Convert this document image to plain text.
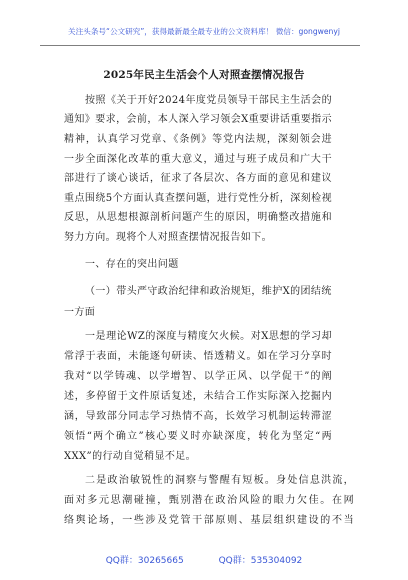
关注头条号“公文研究”，获得最新最全最专业的公文资料库！ 微信：gongwenyj
2025年民主生活会个人对照查摆情况报告
按照《关于开好2024年度党员领导干部民主生活会的
通知》要求，会前，本人深入学习领会X重要讲话重要指示
精神，认真学习党章、《条例》等党内法规，深刻领会进
一步全面深化改革的重大意义，通过与班子成员和广大干
部进行了谈心谈话，征求了各层次、各方面的意见和建议
重点围绕5个方面认真查摆问题，进行党性分析，深刻检视
反思，从思想根源剖析问题产生的原因，明确整改措施和
努力方向。现将个人对照查摆情况报告如下。
一、存在的突出问题
（一）带头严守政治纪律和政治规矩，维护X的团结统
一方面
一是理论WZ的深度与精度欠火候。对X思想的学习却
常浮于表面，未能逐句研读、悟透精义。如在学习分享时
我对“以学铸魂、以学增智、以学正风、以学促干”的阐
述，多停留于文件原话复述，未结合工作实际深入挖掘内
涵，导致部分同志学习热情不高，长效学习机制运转滞涩
领悟“两个确立”核心要义时亦缺深度，转化为坚定“两
XXX”的行动自觉稍显不足。
二是政治敏锐性的洞察与警醒有短板。身处信息洪流，
面对多元思潮碰撞，甄别潜在政治风险的眼力欠佳。在网
络舆论场，一些涉及党管干部原则、基层组织建设的不当
QQ群：30265665	QQ群：535304092
